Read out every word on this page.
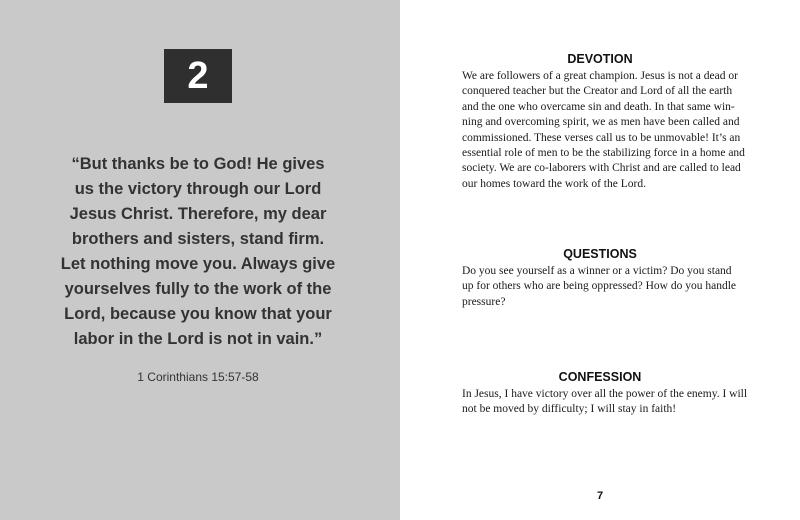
2

“But thanks be to God! He gives
us the victory through our Lord
Jesus Christ. Therefore, my dear
brothers and sisters, stand firm.
Let nothing move you. Always give
yourselves fully to the work of the
Lord, because you know that your
labor in the Lord is not in vain.”

1 Corinthians 15:57-58

DEVOTION
We are followers of a great champion. Jesus is not a dead or
conquered teacher but the Creator and Lord of all the earth
and the one who overcame sin and death. In that same win-
ning and overcoming spirit, we as men have been called and
commissioned. These verses call us to be unmovable! It’s an
essential role of men to be the stabilizing force in a home and
society. We are co-laborers with Christ and are called to lead
our homes toward the work of the Lord.
QUESTIONS
Do you see yourself as a winner or a victim? Do you stand
up for others who are being oppressed? How do you handle
pressure?
CONFESSION
In Jesus, I have victory over all the power of the enemy. I will
not be moved by difficulty; I will stay in faith!

7
